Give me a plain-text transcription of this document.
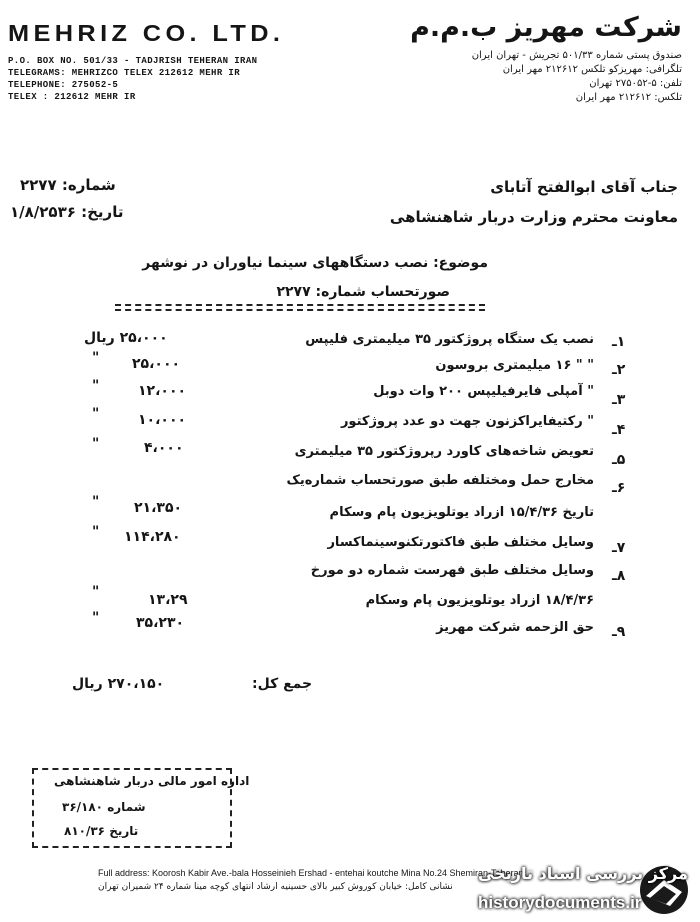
MEHRIZ CO. LTD.
P.O. BOX NO. 501/33 - TADJRISH TEHERAN IRAN
TELEGRAMS: MEHRIZCO TELEX 212612 MEHR IR
TELEPHONE: 275052-5
TELEX : 212612 MEHR IR
شرکت مهریز ب.م.م
صندوق پستی شماره ۵۰۱/۳۳ تجریش - تهران ایران
تلگرافی: مهریزکو تلکس ۲۱۲۶۱۲ مهر ایران
تلفن: ۵-۲۷۵۰۵۲ تهران
تلکس: ۲۱۲۶۱۲ مهر ایران
شماره: ۲۲۷۷
تاریخ: ۱/۸/۲۵۳۶
جناب آقای ابوالفتح آتابای
معاونت محترم وزارت دربار شاهنشاهی
موضوع: نصب دستگاههای سینما نیاوران در نوشهر
صورتحساب شماره: ۲۲۷۷
۱ـ
نصب یک ستگاه پروژکتور ۳۵ میلیمتری فلیپس
۲۵،۰۰۰ ریال
۲ـ
" " ۱۶ میلیمتری بروسون
۲۵،۰۰۰
"
۳ـ
" آمپلی فایرفیلیپس ۲۰۰ وات دوبل
۱۲،۰۰۰
"
۴ـ
" رکتیفایراکزنون جهت دو عدد پروژکتور
۱۰،۰۰۰
"
۵ـ
تعویض شاخه‌های کاورد رپروژکتور ۳۵ میلیمتری
۴،۰۰۰
"
۶ـ
مخارج حمل ومختلفه طبق صورتحساب شماره‌یک
تاریخ ۱۵/۴/۳۶ ازراد یوتلویزیون پام وسکام
۲۱،۳۵۰
"
۷ـ
وسایل مختلف طبق فاکتورتکنوسینماکسار
۱۱۴،۲۸۰
"
۸ـ
وسایل مختلف طبق فهرست شماره دو مورخ
۱۸/۴/۳۶ ازراد یوتلویزیون پام وسکام
۱۳،۲۹
"
۹ـ
حق الزحمه شرکت مهریز
۳۵،۲۳۰
"
جمع کل:
۲۷۰،۱۵۰ ریال
اداره امور مالی دربار شاهنشاهی
شماره ۳۶/۱۸۰
تاریخ ۸۱۰/۳۶
Full address: Koorosh Kabir Ave.-bala Hosseinieh Ershad - entehai koutche Mina No.24 Shemiran-Teheran
نشانی کامل: خیابان کوروش کبیر بالای حسینیه ارشاد انتهای کوچه مینا شماره ۲۴ شمیران تهران
مرکز بررسی اسناد تاریخی
historydocuments.ir
